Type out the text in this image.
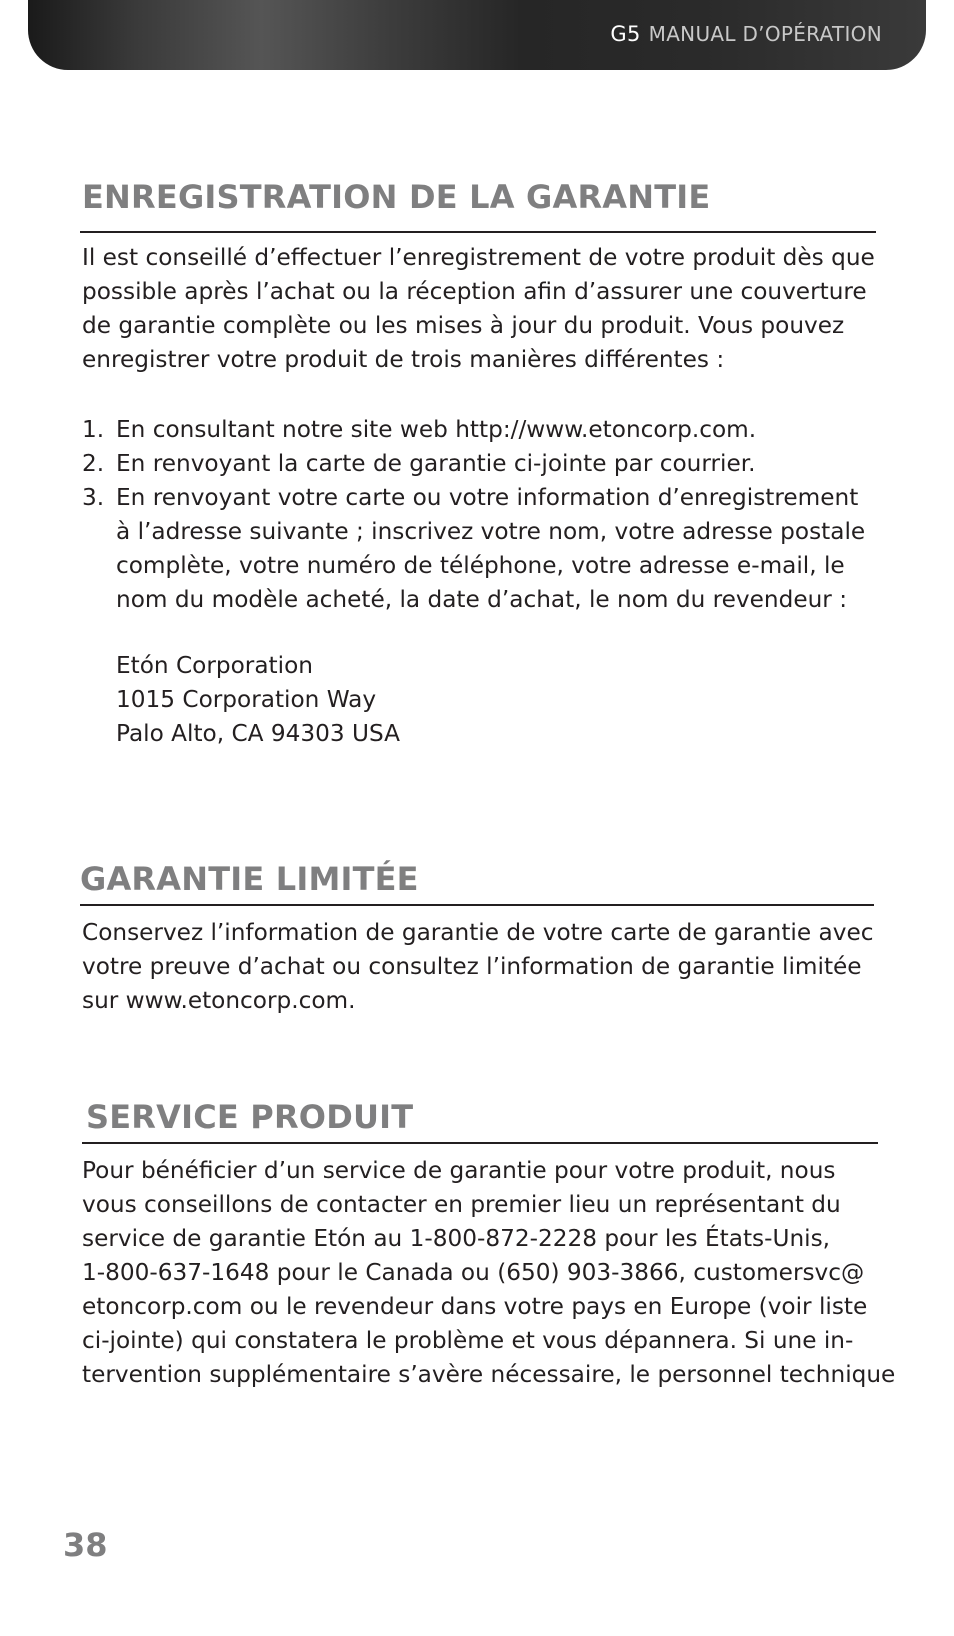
G5 MANUAL D’OPÉRATION
ENREGISTRATION DE LA GARANTIE

Il est conseillé d’effectuer l’enregistrement de votre produit dès que
possible après l’achat ou la réception afin d’assurer une couverture
de garantie complète ou les mises à jour du produit. Vous pouvez
enregistrer votre produit de trois manières différentes :

1. En consultant notre site web http://www.etoncorp.com.
2. En renvoyant la carte de garantie ci-jointe par courrier.
3. En renvoyant votre carte ou votre information d’enregistrement
à l’adresse suivante ; inscrivez votre nom, votre adresse postale
complète, votre numéro de téléphone, votre adresse e-mail, le
nom du modèle acheté, la date d’achat, le nom du revendeur :
Etón Corporation
1015 Corporation Way
Palo Alto, CA 94303 USA
GARANTIE LIMITÉE

Conservez l’information de garantie de votre carte de garantie avec
votre preuve d’achat ou consultez l’information de garantie limitée
sur www.etoncorp.com.

SERVICE PRODUIT

Pour bénéficier d’un service de garantie pour votre produit, nous
vous conseillons de contacter en premier lieu un représentant du
service de garantie Etón au 1-800-872-2228 pour les États-Unis,
1-800-637-1648 pour le Canada ou (650) 903-3866, customersvc@
etoncorp.com ou le revendeur dans votre pays en Europe (voir liste
ci-jointe) qui constatera le problème et vous dépannera. Si une in-
tervention supplémentaire s’avère nécessaire, le personnel technique

38
